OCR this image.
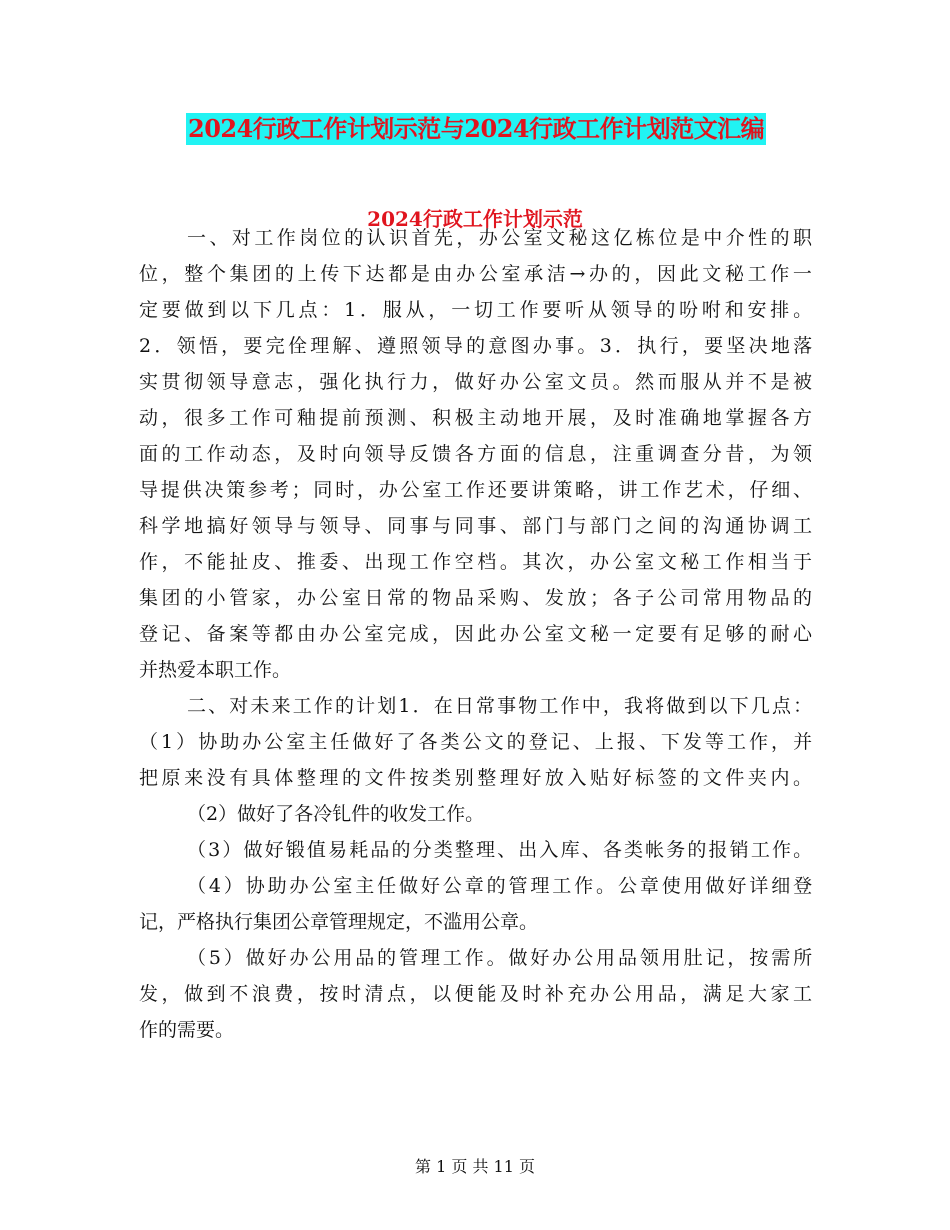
2024行政工作计划示范与2024行政工作计划范文汇编
2024行政工作计划示范
一、对工作岗位的认识首先，办公室文秘这亿栋位是中介性的职
位，整个集团的上传下达都是由办公室承洁→办的，因此文秘工作一
定要做到以下几点：1．服从，一切工作要听从领导的吩咐和安排。
2．领悟，要完佺理解、遵照领导的意图办事。3．执行，要坚决地落
实贯彻领导意志，强化执行力，做好办公室文员。然而服从并不是被
动，很多工作可釉提前预测、积极主动地开展，及时准确地掌握各方
面的工作动态，及时向领导反馈各方面的信息，注重调查分昔，为领
导提供决策参考；同时，办公室工作还要讲策略，讲工作艺术，仔细、
科学地搞好领导与领导、同事与同事、部门与部门之间的沟通协调工
作，不能扯皮、推委、出现工作空档。其次，办公室文秘工作相当于
集团的小管家，办公室日常的物品采购、发放；各子公司常用物品的
登记、备案等都由办公室完成，因此办公室文秘一定要有足够的耐心
并热爱本职工作。
二、对未来工作的计划1．在日常事物工作中，我将做到以下几点：
（1）协助办公室主任做好了各类公文的登记、上报、下发等工作，并
把原来没有具体整理的文件按类别整理好放入贴好标签的文件夹内。
（2）做好了各冷钆件的收发工作。
（3）做好锻值易耗品的分类整理、出入库、各类帐务的报销工作。
（4）协助办公室主任做好公章的管理工作。公章使用做好详细登
记，严格执行集团公章管理规定，不滥用公章。
（5）做好办公用品的管理工作。做好办公用品领用肚记，按需所
发，做到不浪费，按时清点，以便能及时补充办公用品，满足大家工
作的需要。
第 1 页 共 11 页
